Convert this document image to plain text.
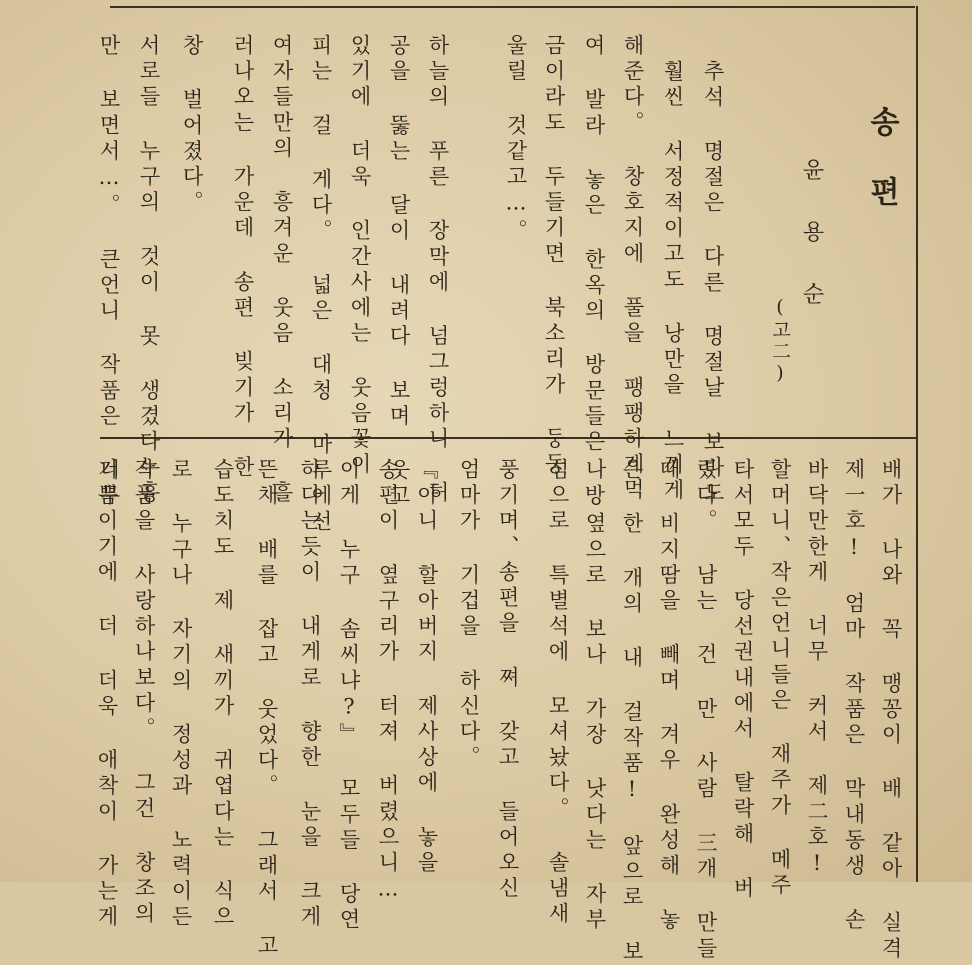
송편
윤용순
(고二)
추석 명절은 다른 명절날 보다도
훨씬 서정적이고도 낭만을 느끼게
해준다。 창호지에 풀을 팽팽하게먹
여 발라 놓은 한옥의 방문들은 방
금이라도 두들기면 북소리가 둥둥
울릴 것같고…。
하늘의 푸른 장막에 넘그렁하니 허
공을 뚫는 달이 내려다 보며 웃고
있기에 더욱 인간사에는 웃음꽃이
피는 걸 게다。 넓은 대청 마루에선
여자들만의 흥겨운 웃음 소리가 흘
러나오는 가운데 송편 빚기가 한
창 벌어졌다。
서로들 누구의 것이 못 생겼다누흉
만 보면서…。 큰언니 작품은 너무
배가 나와 꼭 맹꽁이 배 같아 실격
제一호! 엄마 작품은 막내동생 손
바닥만한게 너무 커서 제二호!
할머니、작은언니들은 재주가 메주
타서모두 당선권내에서 탈락해 버
렸다。 남는 건 만 사람 三개 만들
때 비지땀을 빼며 겨우 완성해 놓
은 한 개의 내 걸작품! 앞으로 보
나 옆으로 보나 가장 낫다는 자부
심으로 특별석에 모셔놨다。 솔냄새
풍기며、송편을 쪄 갖고 들어오신
엄마가 기겁을 하신다。
『아니 할아버지 제사상에 놓을
송편이 옆구리가 터져 버렸으니…
이게 누구 솜씨냐?』 모두들 당연
하다는듯이 내게로 향한 눈을 크게
뜬채 배를 잡고 웃었다。 그래서 고
습도치도 제 새끼가 귀엽다는 식으
로 누구나 자기의 정성과 노력이든
작품을 사랑하나보다。 그건 창조의
기쁨이기에 더 더욱 애착이 가는게
